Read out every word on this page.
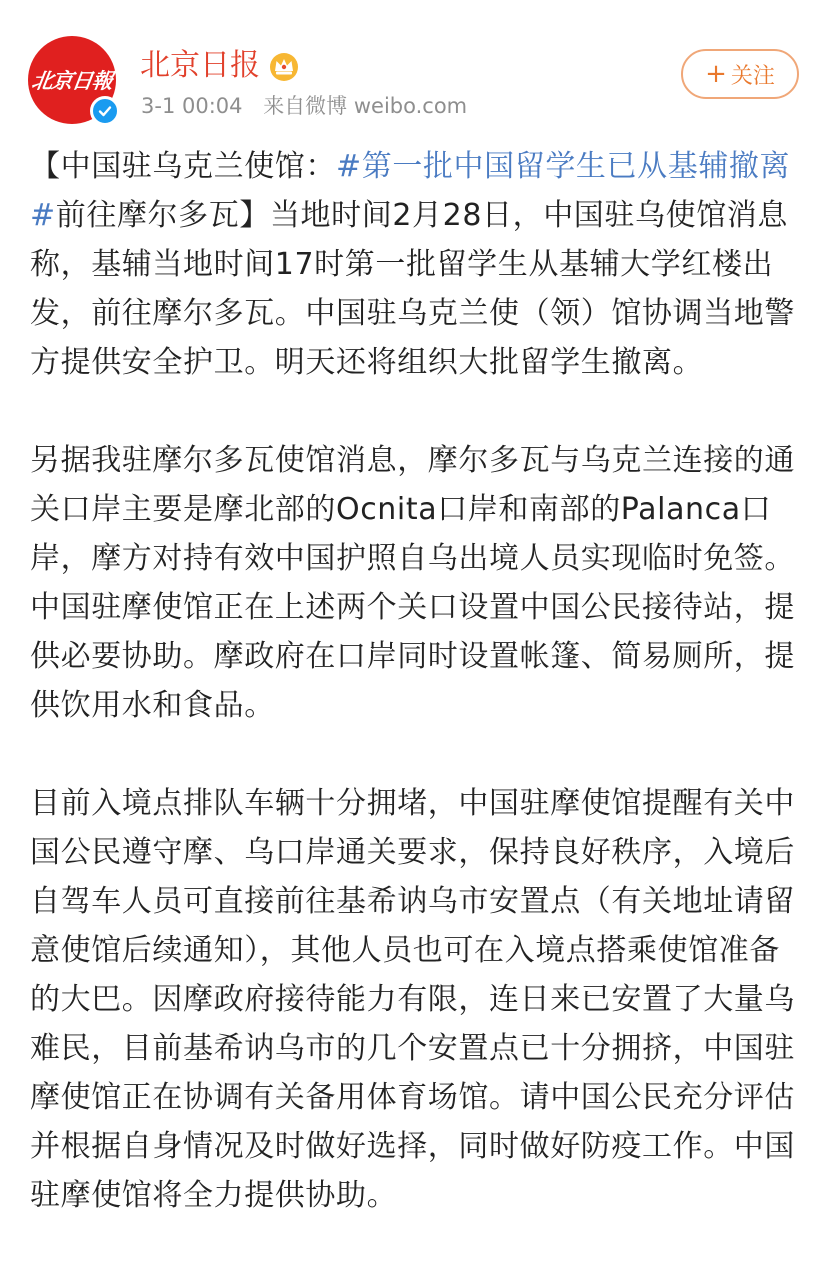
北京日報 北京日报
3-1 00:04 来自微博 weibo.com
+ 关注

【中国驻乌克兰使馆：#第一批中国留学生已从基辅撤离#前往摩尔多瓦】当地时间2月28日，中国驻乌使馆消息称，基辅当地时间17时第一批留学生从基辅大学红楼出发，前往摩尔多瓦。中国驻乌克兰使（领）馆协调当地警方提供安全护卫。明天还将组织大批留学生撤离。

另据我驻摩尔多瓦使馆消息，摩尔多瓦与乌克兰连接的通关口岸主要是摩北部的Ocnita口岸和南部的Palanca口岸，摩方对持有效中国护照自乌出境人员实现临时免签。中国驻摩使馆正在上述两个关口设置中国公民接待站，提供必要协助。摩政府在口岸同时设置帐篷、简易厕所，提供饮用水和食品。

目前入境点排队车辆十分拥堵，中国驻摩使馆提醒有关中国公民遵守摩、乌口岸通关要求，保持良好秩序，入境后自驾车人员可直接前往基希讷乌市安置点（有关地址请留意使馆后续通知），其他人员也可在入境点搭乘使馆准备的大巴。因摩政府接待能力有限，连日来已安置了大量乌难民，目前基希讷乌市的几个安置点已十分拥挤，中国驻摩使馆正在协调有关备用体育场馆。请中国公民充分评估并根据自身情况及时做好选择，同时做好防疫工作。中国驻摩使馆将全力提供协助。
